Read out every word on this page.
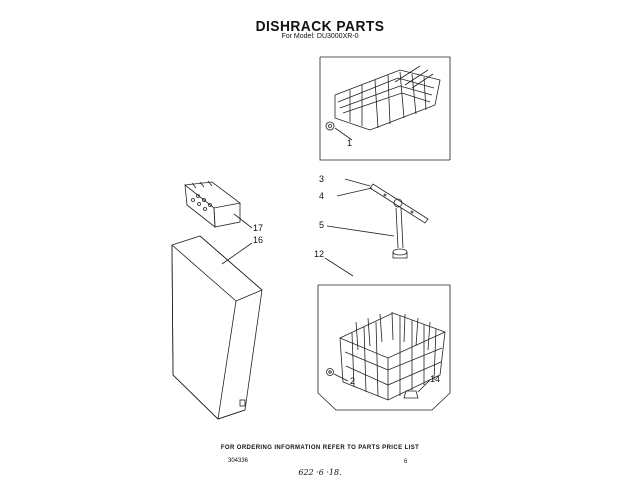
DISHRACK PARTS
For Model: DU3000XR-0
1
3
4
5
12
2	14
17
16
FOR ORDERING INFORMATION REFER TO PARTS PRICE LIST
304336	6
622 ·6 ·18.
